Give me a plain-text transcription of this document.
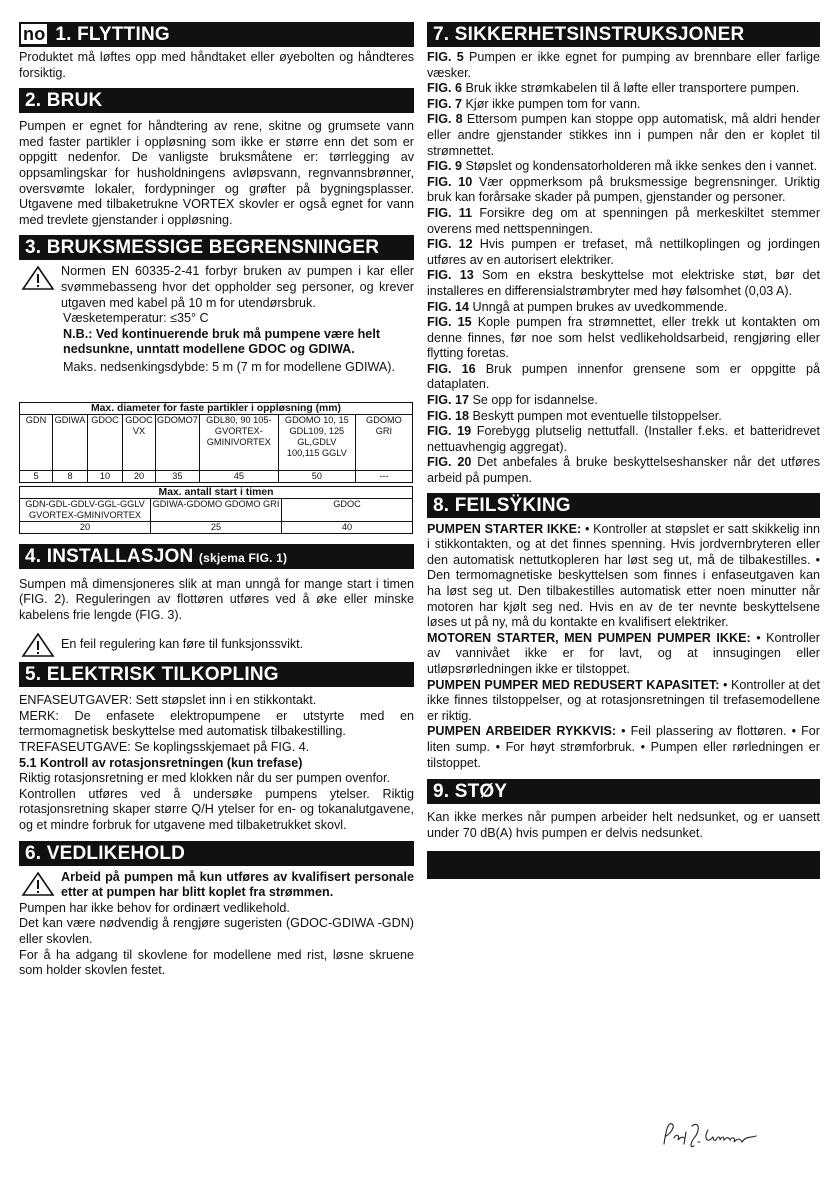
no 1. FLYTTING

Produktet må løftes opp med håndtaket eller øyebolten og håndteres forsiktig.

2. BRUK

Pumpen er egnet for håndtering av rene, skitne og grumsete vann med faster partikler i oppløsning som ikke er større enn det som er oppgitt nedenfor. De vanligste bruksmåtene er: tørrlegging av oppsamlingskar for husholdningens avløpsvann, regnvannsbrønner, oversvømte lokaler, fordypninger og grøfter på bygningsplasser. Utgavene med tilbaketrukne VORTEX skovler er også egnet for vann med trevlete gjenstander i oppløsning.

3. BRUKSMESSIGE BEGRENSNINGER

Normen EN 60335-2-41 forbyr bruken av pumpen i kar eller svømmebasseng hvor det oppholder seg personer, og krever utgaven med kabel på 10 m for utendørsbruk.

Væsketemperatur: ≤35° C

N.B.: Ved kontinuerende bruk må pumpene være helt nedsunkne, unntatt modellene GDOC og GDIWA.

Maks. nedsenkingsdybde: 5 m (7 m for modellene GDIWA).

Max. diameter for faste partikler i oppløsning (mm)							
GDN	GDIWA	GDOC	GDOC VX	GDOMO7	GDL80, 90 105- GVORTEX- GMINIVORTEX	GDOMO 10, 15 GDL109, 125 GL,GDLV 100,115 GGLV	GDOMO GRI
5	8	10	20	35	45	50	---
Max. antall start i timen		
GDN-GDL-GDLV-GGL-GGLV GVORTEX-GMINIVORTEX	GDIWA-GDOMO GDOMO GRI	GDOC
20	25	40
4. INSTALLASJON (skjema FIG. 1)

Sumpen må dimensjoneres slik at man unngå for mange start i timen (FIG. 2). Reguleringen av flottøren utføres ved å øke eller minske kabelens frie lengde (FIG. 3).

En feil regulering kan føre til funksjonssvikt.

5. ELEKTRISK TILKOPLING

ENFASEUTGAVER: Sett støpslet inn i en stikkontakt.

MERK: De enfasete elektropumpene er utstyrte med en termomagnetisk beskyttelse med automatisk tilbakestilling.

TREFASEUTGAVE: Se koplingsskjemaet på FIG. 4.

5.1 Kontroll av rotasjonsretningen (kun trefase)

Riktig rotasjonsretning er med klokken når du ser pumpen ovenfor.

Kontrollen utføres ved å undersøke pumpens ytelser. Riktig rotasjonsretning skaper større Q/H ytelser for en- og tokanalutgavene, og et mindre forbruk for utgavene med tilbaketrukket skovl.

6. VEDLIKEHOLD

Arbeid på pumpen må kun utføres av kvalifisert personale etter at pumpen har blitt koplet fra strømmen.

Pumpen har ikke behov for ordinært vedlikehold.

Det kan være nødvendig å rengjøre sugeristen (GDOC-GDIWA -GDN) eller skovlen.

For å ha adgang til skovlene for modellene med rist, løsne skruene som holder skovlen festet.

7. SIKKERHETSINSTRUKSJONER

FIG. 5 Pumpen er ikke egnet for pumping av brennbare eller farlige væsker.

FIG. 6 Bruk ikke strømkabelen til å løfte eller transportere pumpen.

FIG. 7 Kjør ikke pumpen tom for vann.

FIG. 8 Ettersom pumpen kan stoppe opp automatisk, må aldri hender eller andre gjenstander stikkes inn i pumpen når den er koplet til strømnettet.

FIG. 9 Støpslet og kondensatorholderen må ikke senkes den i vannet.

FIG. 10 Vær oppmerksom på bruksmessige begrensninger. Uriktig bruk kan forårsake skader på pumpen, gjenstander og personer.

FIG. 11 Forsikre deg om at spenningen på merkeskiltet stemmer overens med nettspenningen.

FIG. 12 Hvis pumpen er trefaset, må nettilkoplingen og jordingen utføres av en autorisert elektriker.

FIG. 13 Som en ekstra beskyttelse mot elektriske støt, bør det installeres en differensialstrømbryter med høy følsomhet (0,03 A).

FIG. 14 Unngå at pumpen brukes av uvedkommende.

FIG. 15 Kople pumpen fra strømnettet, eller trekk ut kontakten om denne finnes, før noe som helst vedlikeholdsarbeid, rengjøring eller flytting foretas.

FIG. 16 Bruk pumpen innenfor grensene som er oppgitte på dataplaten.

FIG. 17 Se opp for isdannelse.

FIG. 18 Beskytt pumpen mot eventuelle tilstoppelser.

FIG. 19 Forebygg plutselig nettutfall. (Installer f.eks. et batteridrevet nettuavhengig aggregat).

FIG. 20 Det anbefales å bruke beskyttelseshansker når det utføres arbeid på pumpen.

8. FEILSŸKING

PUMPEN STARTER IKKE: • Kontroller at støpslet er satt skikkelig inn i stikkontakten, og at det finnes spenning. Hvis jordvernbryteren eller den automatisk nettutkopleren har løst seg ut, må de tilbakestilles. • Den termomagnetiske beskyttelsen som finnes i enfaseutgaven kan ha løst seg ut. Den tilbakestilles automatisk etter noen minutter når motoren har kjølt seg ned. Hvis en av de ter nevnte beskyttelsene løses ut på ny, må du kontakte en kvalifisert elektriker.

MOTOREN STARTER, MEN PUMPEN PUMPER IKKE: • Kontroller av vannivået ikke er for lavt, og at innsugingen eller utløpsrørledningen ikke er tilstoppet.

PUMPEN PUMPER MED REDUSERT KAPASITET: • Kontroller at det ikke finnes tilstoppelser, og at rotasjonsretningen til trefasemodellene er riktig.

PUMPEN ARBEIDER RYKKVIS: • Feil plassering av flottøren. • For liten sump. • For høyt strømforbruk. • Pumpen eller rørledningen er tilstoppet.

9. STØY

Kan ikke merkes når pumpen arbeider helt nedsunket, og er uansett under 70 dB(A) hvis pumpen er delvis nedsunket.
